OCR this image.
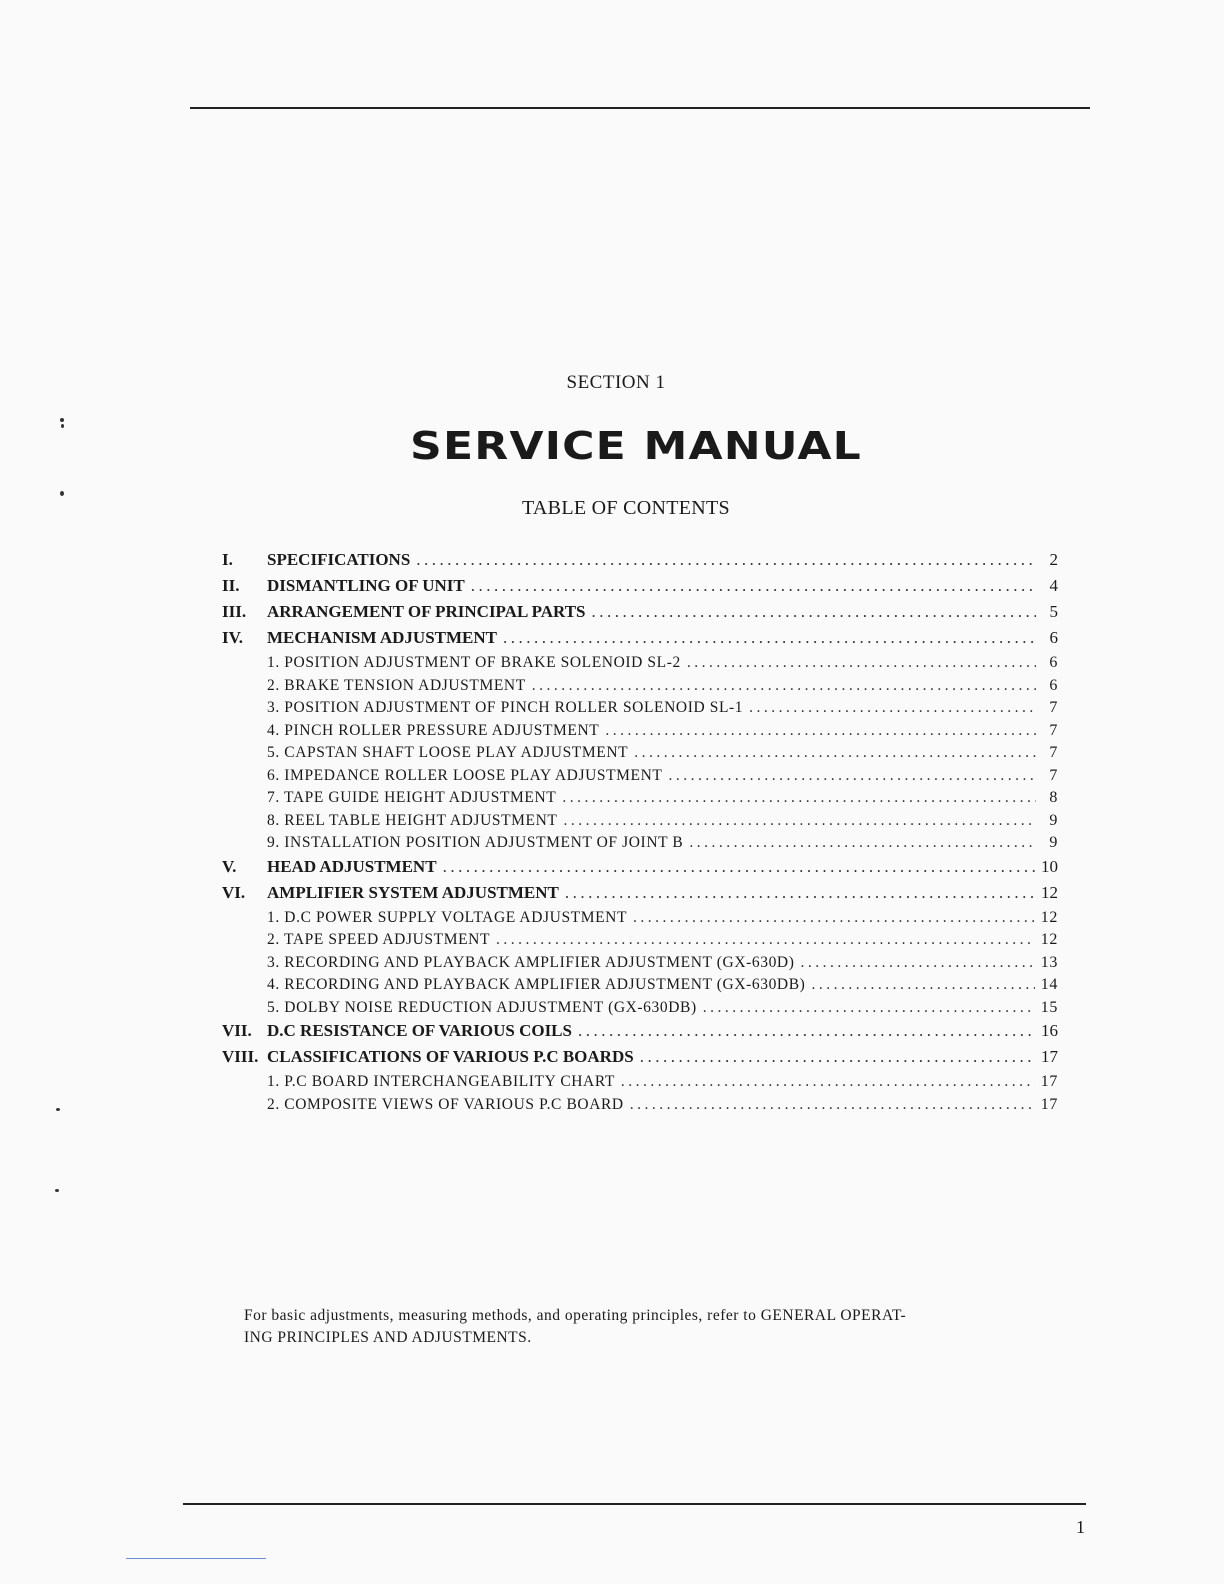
SECTION 1
SERVICE MANUAL
TABLE OF CONTENTS
I.	SPECIFICATIONS .....	2
II.	DISMANTLING OF UNIT .....	4
III.	ARRANGEMENT OF PRINCIPAL PARTS .....	5
IV.	MECHANISM ADJUSTMENT .....	6
1. POSITION ADJUSTMENT OF BRAKE SOLENOID SL-2 .....	6
2. BRAKE TENSION ADJUSTMENT .....	6
3. POSITION ADJUSTMENT OF PINCH ROLLER SOLENOID SL-1 .....	7
4. PINCH ROLLER PRESSURE ADJUSTMENT .....	7
5. CAPSTAN SHAFT LOOSE PLAY ADJUSTMENT .....	7
6. IMPEDANCE ROLLER LOOSE PLAY ADJUSTMENT .....	7
7. TAPE GUIDE HEIGHT ADJUSTMENT .....	8
8. REEL TABLE HEIGHT ADJUSTMENT .....	9
9. INSTALLATION POSITION ADJUSTMENT OF JOINT B .....	9
V.	HEAD ADJUSTMENT .....	10
VI.	AMPLIFIER SYSTEM ADJUSTMENT .....	12
1. D.C POWER SUPPLY VOLTAGE ADJUSTMENT .....	12
2. TAPE SPEED ADJUSTMENT .....	12
3. RECORDING AND PLAYBACK AMPLIFIER ADJUSTMENT (GX-630D) .....	13
4. RECORDING AND PLAYBACK AMPLIFIER ADJUSTMENT (GX-630DB) .....	14
5. DOLBY NOISE REDUCTION ADJUSTMENT (GX-630DB) .....	15
VII. D.C RESISTANCE OF VARIOUS COILS .....	16
VIII. CLASSIFICATIONS OF VARIOUS P.C BOARDS .....	17
1. P.C BOARD INTERCHANGEABILITY CHART .....	17
2. COMPOSITE VIEWS OF VARIOUS P.C BOARD .....	17

For basic adjustments, measuring methods, and operating principles, refer to GENERAL OPERAT-

ING PRINCIPLES AND ADJUSTMENTS.

1
